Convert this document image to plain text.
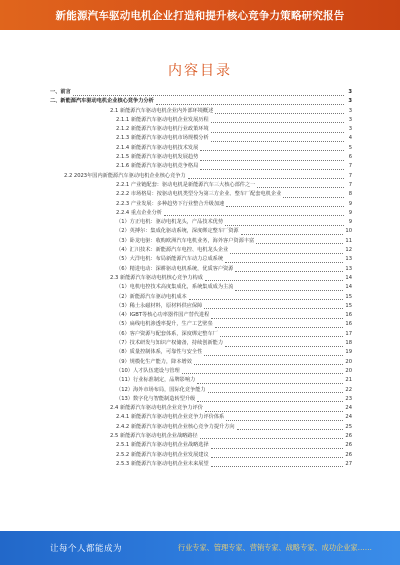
新能源汽车驱动电机企业打造和提升核心竞争力策略研究报告
内容目录
一、前言	3
二、新能源汽车驱动电机企业核心竞争力分析	3
2.1 新能源汽车驱动电机企业内外部环境概述	3
2.1.1 新能源汽车驱动电机企业发展历程	3
2.1.2 新能源汽车驱动电机行业政策环境	3
2.1.3 新能源汽车驱动电机市场规模分析	4
2.1.4 新能源汽车驱动电机技术发展	5
2.1.5 新能源汽车驱动电机发展趋势	6
2.1.6 新能源汽车驱动电机竞争格局	7
2.2 2023年国内新能源汽车驱动电机企业核心竞争力	7
2.2.1 产业链配套：驱动电机是新能源汽车三大核心部件之一	7
2.2.2 市场格局：按驱动电机类型分为第三方企业、整车厂配套电机企业	8
2.2.3 产业发展：多种趋势下行业整合升级加速	9
2.2.4 重点企业分析	9
（1）方正电机：驱动电机龙头，产品技术优势	9
（2）英搏尔：集成化驱动系统，深度绑定整车厂资源	10
（3）卧龙电驱：收购欧洲汽车电机业务，海外客户资源丰富	11
（4）汇川技术：新能源汽车电控、电机龙头企业	12
（5）大洋电机：布局新能源汽车动力总成系统	13
（6）精进电动：深耕驱动电机系统，优质客户资源	13
2.3 新能源汽车驱动电机核心竞争力构成	14
（1）电机电控技术高度集成化，系统集成成为主流	14
（2）新能源汽车驱动电机成本	15
（3）稀土永磁材料，原材料供应保障	15
（4）IGBT等核心功率器件国产替代进程	16
（5）扁线电机渗透率提升，生产工艺壁垒	16
（6）客户资源与配套体系，深度绑定整车厂	17
（7）技术研发与知识产权储备，持续创新能力	18
（8）质量控制体系，可靠性与安全性	19
（9）规模化生产能力，降本增效	20
（10）人才队伍建设与管理	20
（11）行业标准制定，品牌影响力	21
（12）海外市场布局，国际化竞争能力	22
（13）数字化与智能制造转型升级	23
2.4 新能源汽车驱动电机企业竞争力评价	24
2.4.1 新能源汽车驱动电机企业竞争力评价体系	24
2.4.2 新能源汽车驱动电机企业核心竞争力提升方向	25
2.5 新能源汽车驱动电机企业战略路径	26
2.5.1 新能源汽车驱动电机企业战略选择	26
2.5.2 新能源汽车驱动电机企业发展建议	26
2.5.3 新能源汽车驱动电机企业未来展望	27
让每个人都能成为	行业专家、管理专家、营销专家、战略专家、成功企业家……
